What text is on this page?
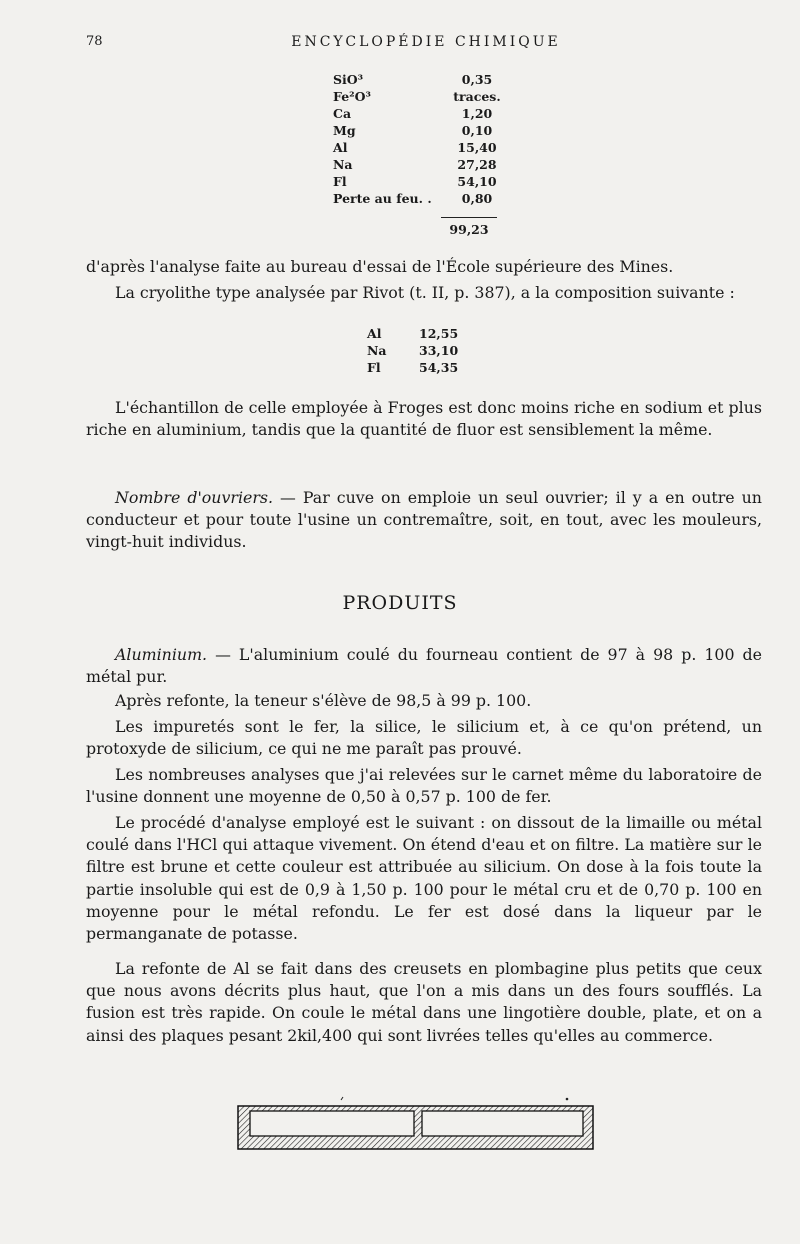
78	ENCYCLOPÉDIE CHIMIQUE
SiO³	0,35
Fe²O³	traces.
Ca	1,20
Mg	0,10
Al	15,40
Na	27,28
Fl	54,10
Perte au feu. .	0,80
99,23
d'après l'analyse faite au bureau d'essai de l'École supérieure des Mines.
La cryolithe type analysée par Rivot (t. II, p. 387), a la composition suivante :
Al	12,55
Na	33,10
Fl	54,35
L'échantillon de celle employée à Froges est donc moins riche en sodium et plus riche en aluminium, tandis que la quantité de fluor est sensiblement la même.
Nombre d'ouvriers. — Par cuve on emploie un seul ouvrier; il y a en outre un conducteur et pour toute l'usine un contremaître, soit, en tout, avec les mouleurs, vingt-huit individus.
PRODUITS
Aluminium. — L'aluminium coulé du fourneau contient de 97 à 98 p. 100 de métal pur.
Après refonte, la teneur s'élève de 98,5 à 99 p. 100.
Les impuretés sont le fer, la silice, le silicium et, à ce qu'on prétend, un protoxyde de silicium, ce qui ne me paraît pas prouvé.
Les nombreuses analyses que j'ai relevées sur le carnet même du laboratoire de l'usine donnent une moyenne de 0,50 à 0,57 p. 100 de fer.
Le procédé d'analyse employé est le suivant : on dissout de la limaille ou métal coulé dans l'HCl qui attaque vivement. On étend d'eau et on filtre. La matière sur le filtre est brune et cette couleur est attribuée au silicium. On dose à la fois toute la partie insoluble qui est de 0,9 à 1,50 p. 100 pour le métal cru et de 0,70 p. 100 en moyenne pour le métal refondu. Le fer est dosé dans la liqueur par le permanganate de potasse.
La refonte de Al se fait dans des creusets en plombagine plus petits que ceux que nous avons décrits plus haut, que l'on a mis dans un des fours soufflés. La fusion est très rapide. On coule le métal dans une lingotière double, plate, et on a ainsi des plaques pesant 2kil,400 qui sont livrées telles qu'elles au commerce.
